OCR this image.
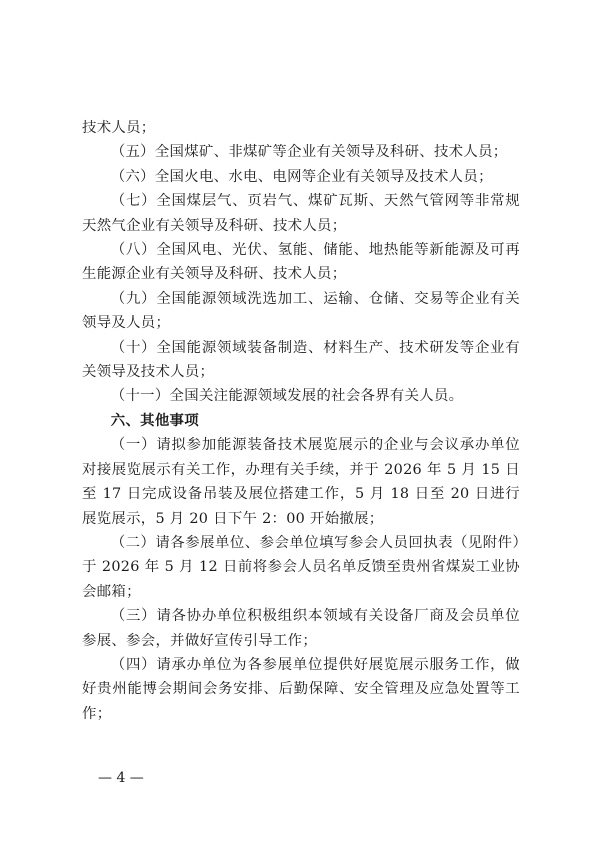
技术人员；

（五）全国煤矿、非煤矿等企业有关领导及科研、技术人员；

（六）全国火电、水电、电网等企业有关领导及技术人员；

（七）全国煤层气、页岩气、煤矿瓦斯、天然气管网等非常规天然气企业有关领导及科研、技术人员；

（八）全国风电、光伏、氢能、储能、地热能等新能源及可再生能源企业有关领导及科研、技术人员；

（九）全国能源领域洗选加工、运输、仓储、交易等企业有关领导及人员；

（十）全国能源领域装备制造、材料生产、技术研发等企业有关领导及技术人员；

（十一）全国关注能源领域发展的社会各界有关人员。

六、其他事项

（一）请拟参加能源装备技术展览展示的企业与会议承办单位对接展览展示有关工作，办理有关手续，并于 2026 年 5 月 15 日至 17 日完成设备吊装及展位搭建工作，5 月 18 日至 20 日进行展览展示，5 月 20 日下午 2：00 开始撤展；

（二）请各参展单位、参会单位填写参会人员回执表（见附件）于 2026 年 5 月 12 日前将参会人员名单反馈至贵州省煤炭工业协会邮箱；

（三）请各协办单位积极组织本领域有关设备厂商及会员单位参展、参会，并做好宣传引导工作；

（四）请承办单位为各参展单位提供好展览展示服务工作，做好贵州能博会期间会务安排、后勤保障、安全管理及应急处置等工作；

— 4 —
